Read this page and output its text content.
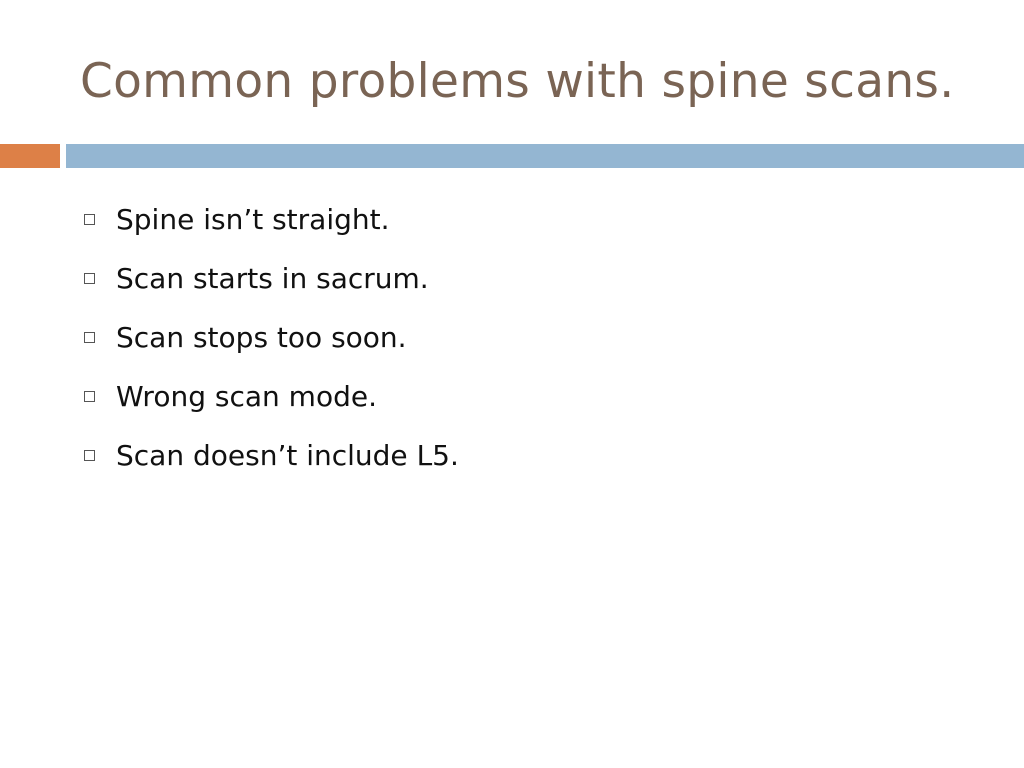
Common problems with spine scans.
Spine isn’t straight.
Scan starts in sacrum.
Scan stops too soon.
Wrong scan mode.
Scan doesn’t include L5.
